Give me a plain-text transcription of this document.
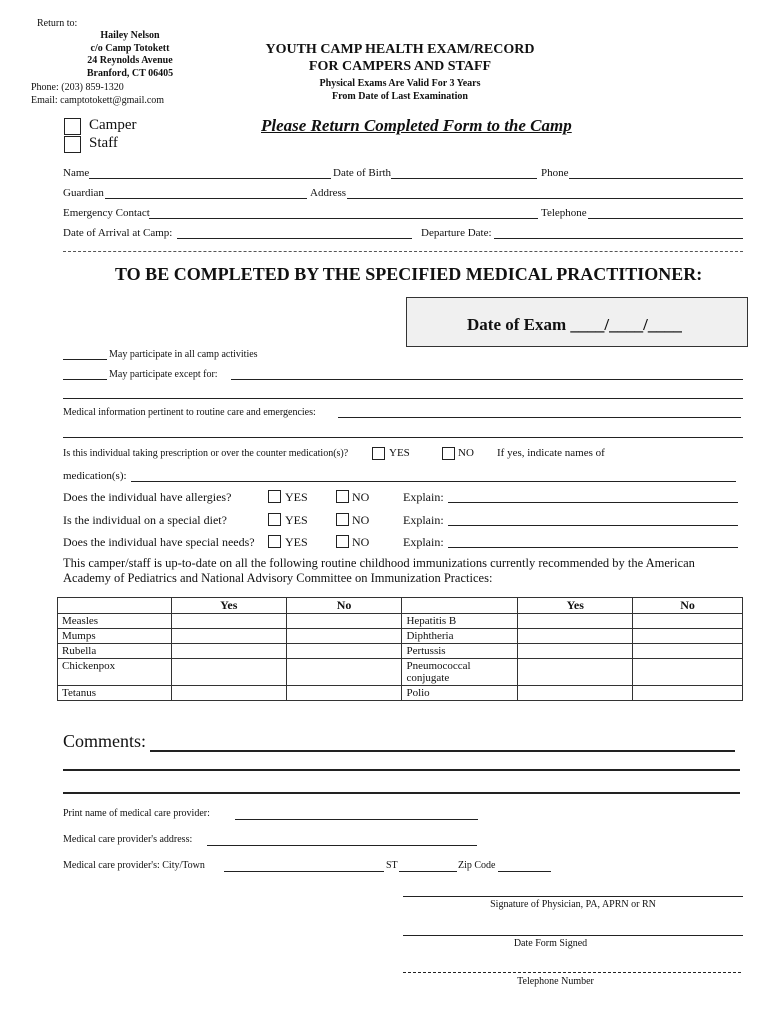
Return to:
Hailey Nelson
c/o Camp Totokett
24 Reynolds Avenue
Branford, CT 06405
Phone: (203) 859-1320
Email: camptotokett@gmail.com
YOUTH CAMP HEALTH EXAM/RECORD
FOR CAMPERS AND STAFF
Physical Exams Are Valid For 3 Years
From Date of Last Examination
Please Return Completed Form to the Camp
Camper
Staff
Name	Date of Birth	Phone
Guardian	Address
Emergency Contact	Telephone
Date of Arrival at Camp:	Departure Date:
TO BE COMPLETED BY THE SPECIFIED MEDICAL PRACTITIONER:
Date of Exam ____/____/____
May participate in all camp activities
May participate except for:
Medical information pertinent to routine care and emergencies:
Is this individual taking prescription or over the counter medication(s)?	YES	NO If yes, indicate names of
medication(s):
Does the individual have allergies?	YES	NO	Explain:
Is the individual on a special diet?	YES	NO	Explain:
Does the individual have special needs?	YES	NO	Explain:
This camper/staff is up-to-date on all the following routine childhood immunizations currently recommended by the American Academy of Pediatrics and National Advisory Committee on Immunization Practices:
	Yes	No		Yes	No
Measles			Hepatitis B		
Mumps			Diphtheria		
Rubella			Pertussis		
Chickenpox			Pneumococcal conjugate		
Tetanus			Polio		
Comments:
Print name of medical care provider:
Medical care provider's address:
Medical care provider's: City/Town	ST	Zip Code
Signature of Physician, PA, APRN or RN
Date Form Signed
Telephone Number
